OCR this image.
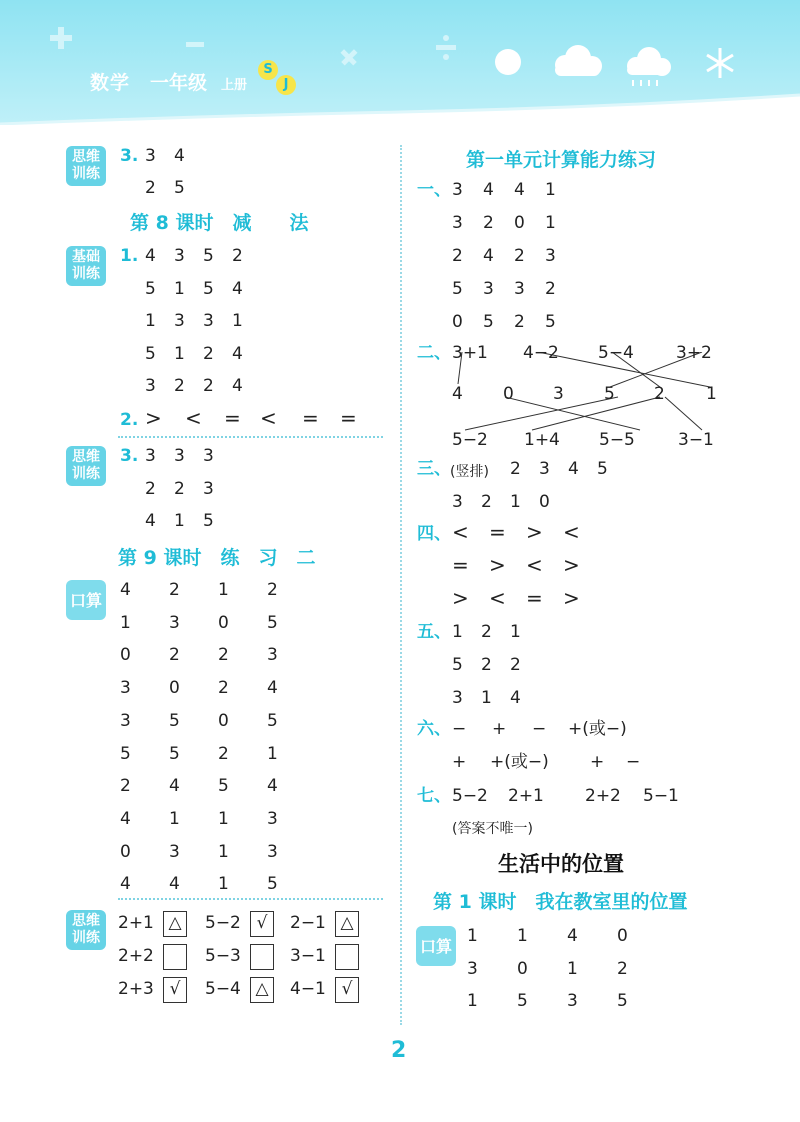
数学 一年级 上册
S
J
思维
训练
3. 3 4
2 5
第 8 课时　减　　法
基础
训练
1. 4 3 5 2
5 1 5 4
1 3 3 1
5 1 2 4
3 2 2 4
2. > < = < = =
思维
训练
3. 3 3 3
2 2 3
4 1 5
第 9 课时　练　习　二
口算 4 2 1 2
1 3 0 5
0 2 2 3
3 0 2 4
3 5 0 5
5 5 2 1
2 4 5 4
4 1 1 3
0 3 1 3
4 4 1 5
思维
训练
2+1 △	5−2 √	2−1 △
2+2	5−3	3−1
2+3 √	5−4 △	4−1 √
第一单元计算能力练习
一、 3 4 4 1
3 2 0 1
2 4 2 3
5 3 3 2
0 5 2 5
二、 3+1 4−2 5−4 3+2
4 0 3 5 2 1
5−2 1+4 5−5	3−1
三、 (竖排) 2 3 4 5
3 2 1 0
四、 < = > <
= > < >
> < = >
五、 1 2 1
5 2 2
3 1 4
六、 − + − +(或−)
+ +(或−) + −
七、 5−2 2+1 2+2 5−1
(答案不唯一)
生活中的位置
第 1 课时　我在教室里的位置
口算 1 1 4 0
3 0 1 2
1 5 3 5
2
